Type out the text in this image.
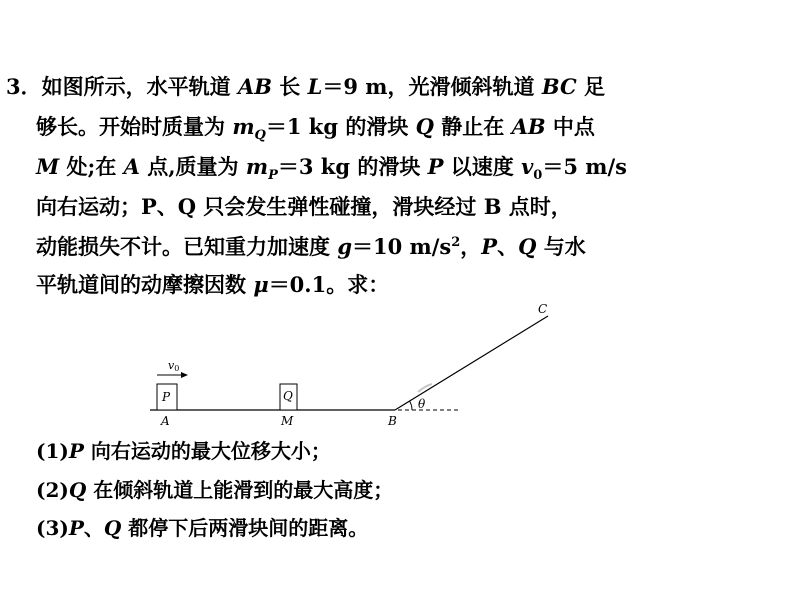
3．如图所示，水平轨道 AB 长 L＝9 m，光滑倾斜轨道 BC 足
够长。开始时质量为 $m_Q=1$ kg 的滑块 Q 静止在 AB 中点
M 处;在 A 点,质量为 $m_P=3$ kg 的滑块 P 以速度 $v_0=5$ m/s
向右运动；P、Q 只会发生弹性碰撞，滑块经过 B 点时，
动能损失不计。已知重力加速度 g＝10 $m/s^2$，P、Q 与水
平轨道间的动摩擦因数 μ＝0.1。求：
θ
P	Q
v0
A	M	B
C
(1)P 向右运动的最大位移大小；
(2)Q 在倾斜轨道上能滑到的最大高度；
(3)P、Q 都停下后两滑块间的距离。
